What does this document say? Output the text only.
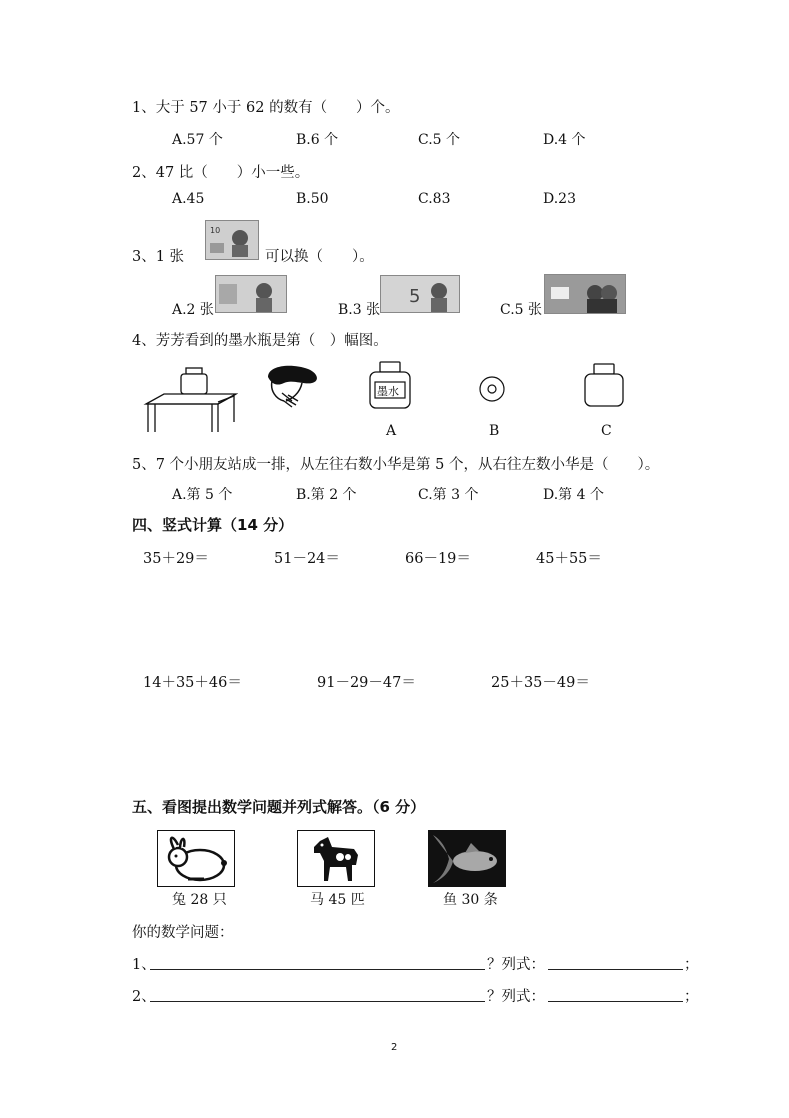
1、大于 57 小于 62 的数有（　　）个。
A.57 个	B.6 个	C.5 个	D.4 个
2、47 比（　　）小一些。
A.45	B.50	C.83	D.23
3、1 张
10
可以换（　　）。
A.2 张	B.3 张
5
C.5 张
4、芳芳看到的墨水瓶是第（　）幅图。
墨水
A	B	C
5、7 个小朋友站成一排，从左往右数小华是第 5 个，从右往左数小华是（　　）。
A.第 5 个	B.第 2 个	C.第 3 个	D.第 4 个
四、竖式计算（14 分）
35＋29＝	51－24＝	66－19＝	45＋55＝
14＋35＋46＝	91－29－47＝	25＋35－49＝
五、看图提出数学问题并列式解答。（6 分）
兔 28 只	马 45 匹	鱼 30 条
你的数学问题：
1、	？列式：	；
2、	？列式：	；
2
